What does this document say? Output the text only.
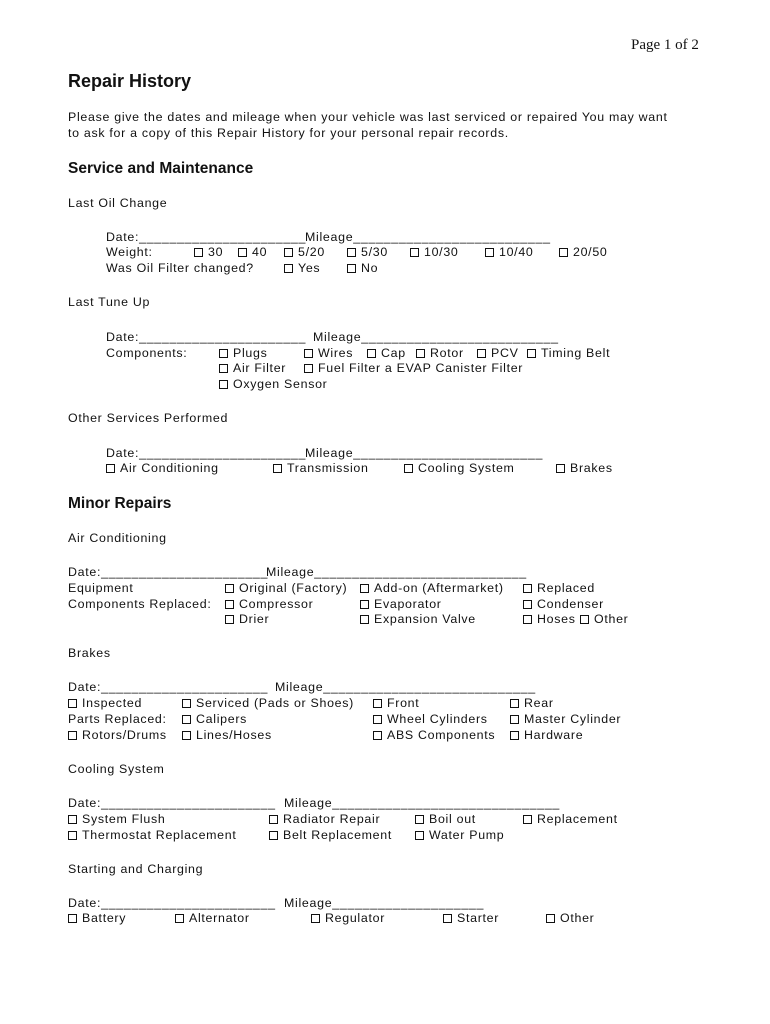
Page 1 of 2
Repair History
Please give the dates and mileage when your vehicle was last serviced or repaired You may want
to ask for a copy of this Repair History for your personal repair records.
Service and Maintenance
Last Oil Change
Date:______________________
Mileage__________________________
Weight:	30	40	5/20	5/30	10/30	10/40	20/50
Was Oil Filter changed?	Yes	No
Last Tune Up
Date:______________________ Mileage__________________________
Components:	Plugs	Wires	Cap	Rotor	PCV	Timing Belt
Air Filter	Fuel Filter a EVAP Canister Filter
Oxygen Sensor
Other Services Performed
Date:______________________
Mileage_________________________
Air Conditioning	Transmission	Cooling System	Brakes
Minor Repairs
Air Conditioning
Date:______________________
Mileage____________________________
Equipment	Original (Factory)	Add-on (Aftermarket)	Replaced
Components Replaced:	Compressor	Evaporator	Condenser
Drier	Expansion Valve	Hoses	Other
Brakes
Date:______________________ Mileage____________________________
Inspected	Serviced (Pads or Shoes)	Front	Rear
Parts Replaced:	Calipers	Wheel Cylinders	Master Cylinder
Rotors/Drums	Lines/Hoses	ABS Components	Hardware
Cooling System
Date:_______________________ Mileage______________________________
System Flush	Radiator Repair	Boil out	Replacement
Thermostat Replacement	Belt Replacement	Water Pump
Starting and Charging
Date:_______________________ Mileage____________________
Battery	Alternator	Regulator	Starter	Other
